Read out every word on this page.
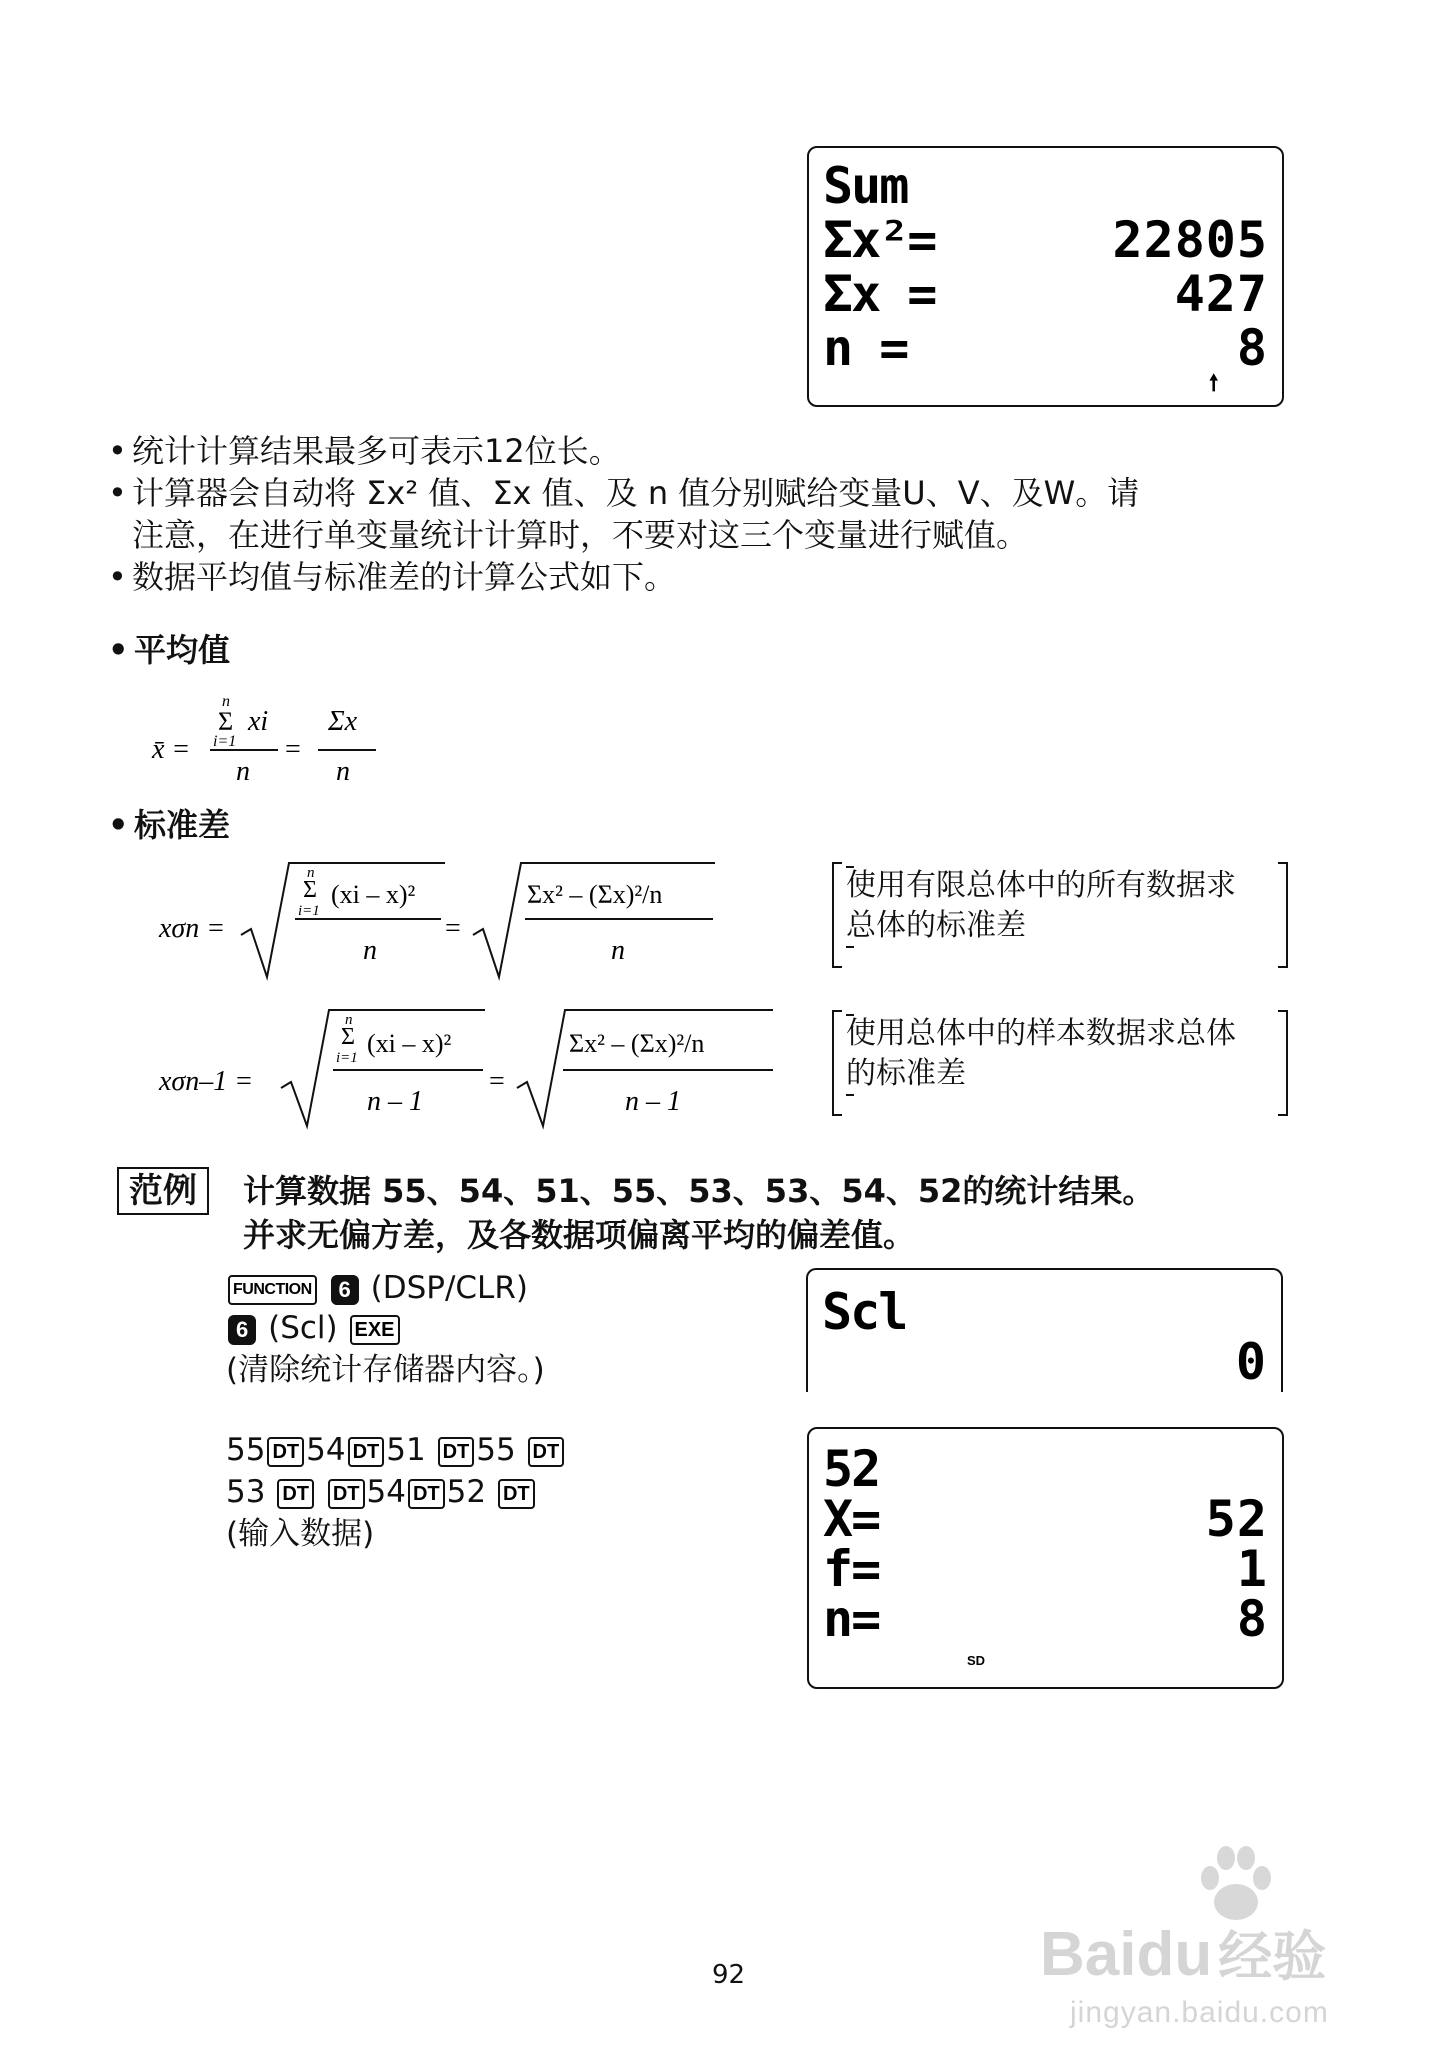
Sum
Σx²=	22805
Σx =	427
n =	8
🠕
• 统计计算结果最多可表示12位长。
• 计算器会自动将 Σx² 值、Σx 值、及 n 值分别赋给变量U、V、及W。请
注意，在进行单变量统计计算时，不要对这三个变量进行赋值。
• 数据平均值与标准差的计算公式如下。
• 平均值
x̄ =
n
Σ
i=1
xi
n
=
Σx
n
• 标准差
xσn =
n
Σ
i=1
(xi – x)²
n
=
Σx² – (Σx)²/n
n
使用有限总体中的所有数据求
总体的标准差
xσn–1 =
n
Σ
i=1 (xi – x)²
n – 1
=
Σx² – (Σx)²/n
n – 1
使用总体中的样本数据求总体
的标准差
范例	计算数据 55、54、51、55、53、53、54、52的统计结果。
并求无偏方差，及各数据项偏离平均的偏差值。
FUNCTION 6 (DSP/CLR)
6 (Scl) EXE
(清除统计存储器内容。)
Scl
0
55 DT 54 DT 51 DT 55 DT
53 DT DT 54 DT 52 DT
(输入数据)
52
X=	52
f=	1
n=	8
SD
92	Baidu 经验
jingyan.baidu.com
